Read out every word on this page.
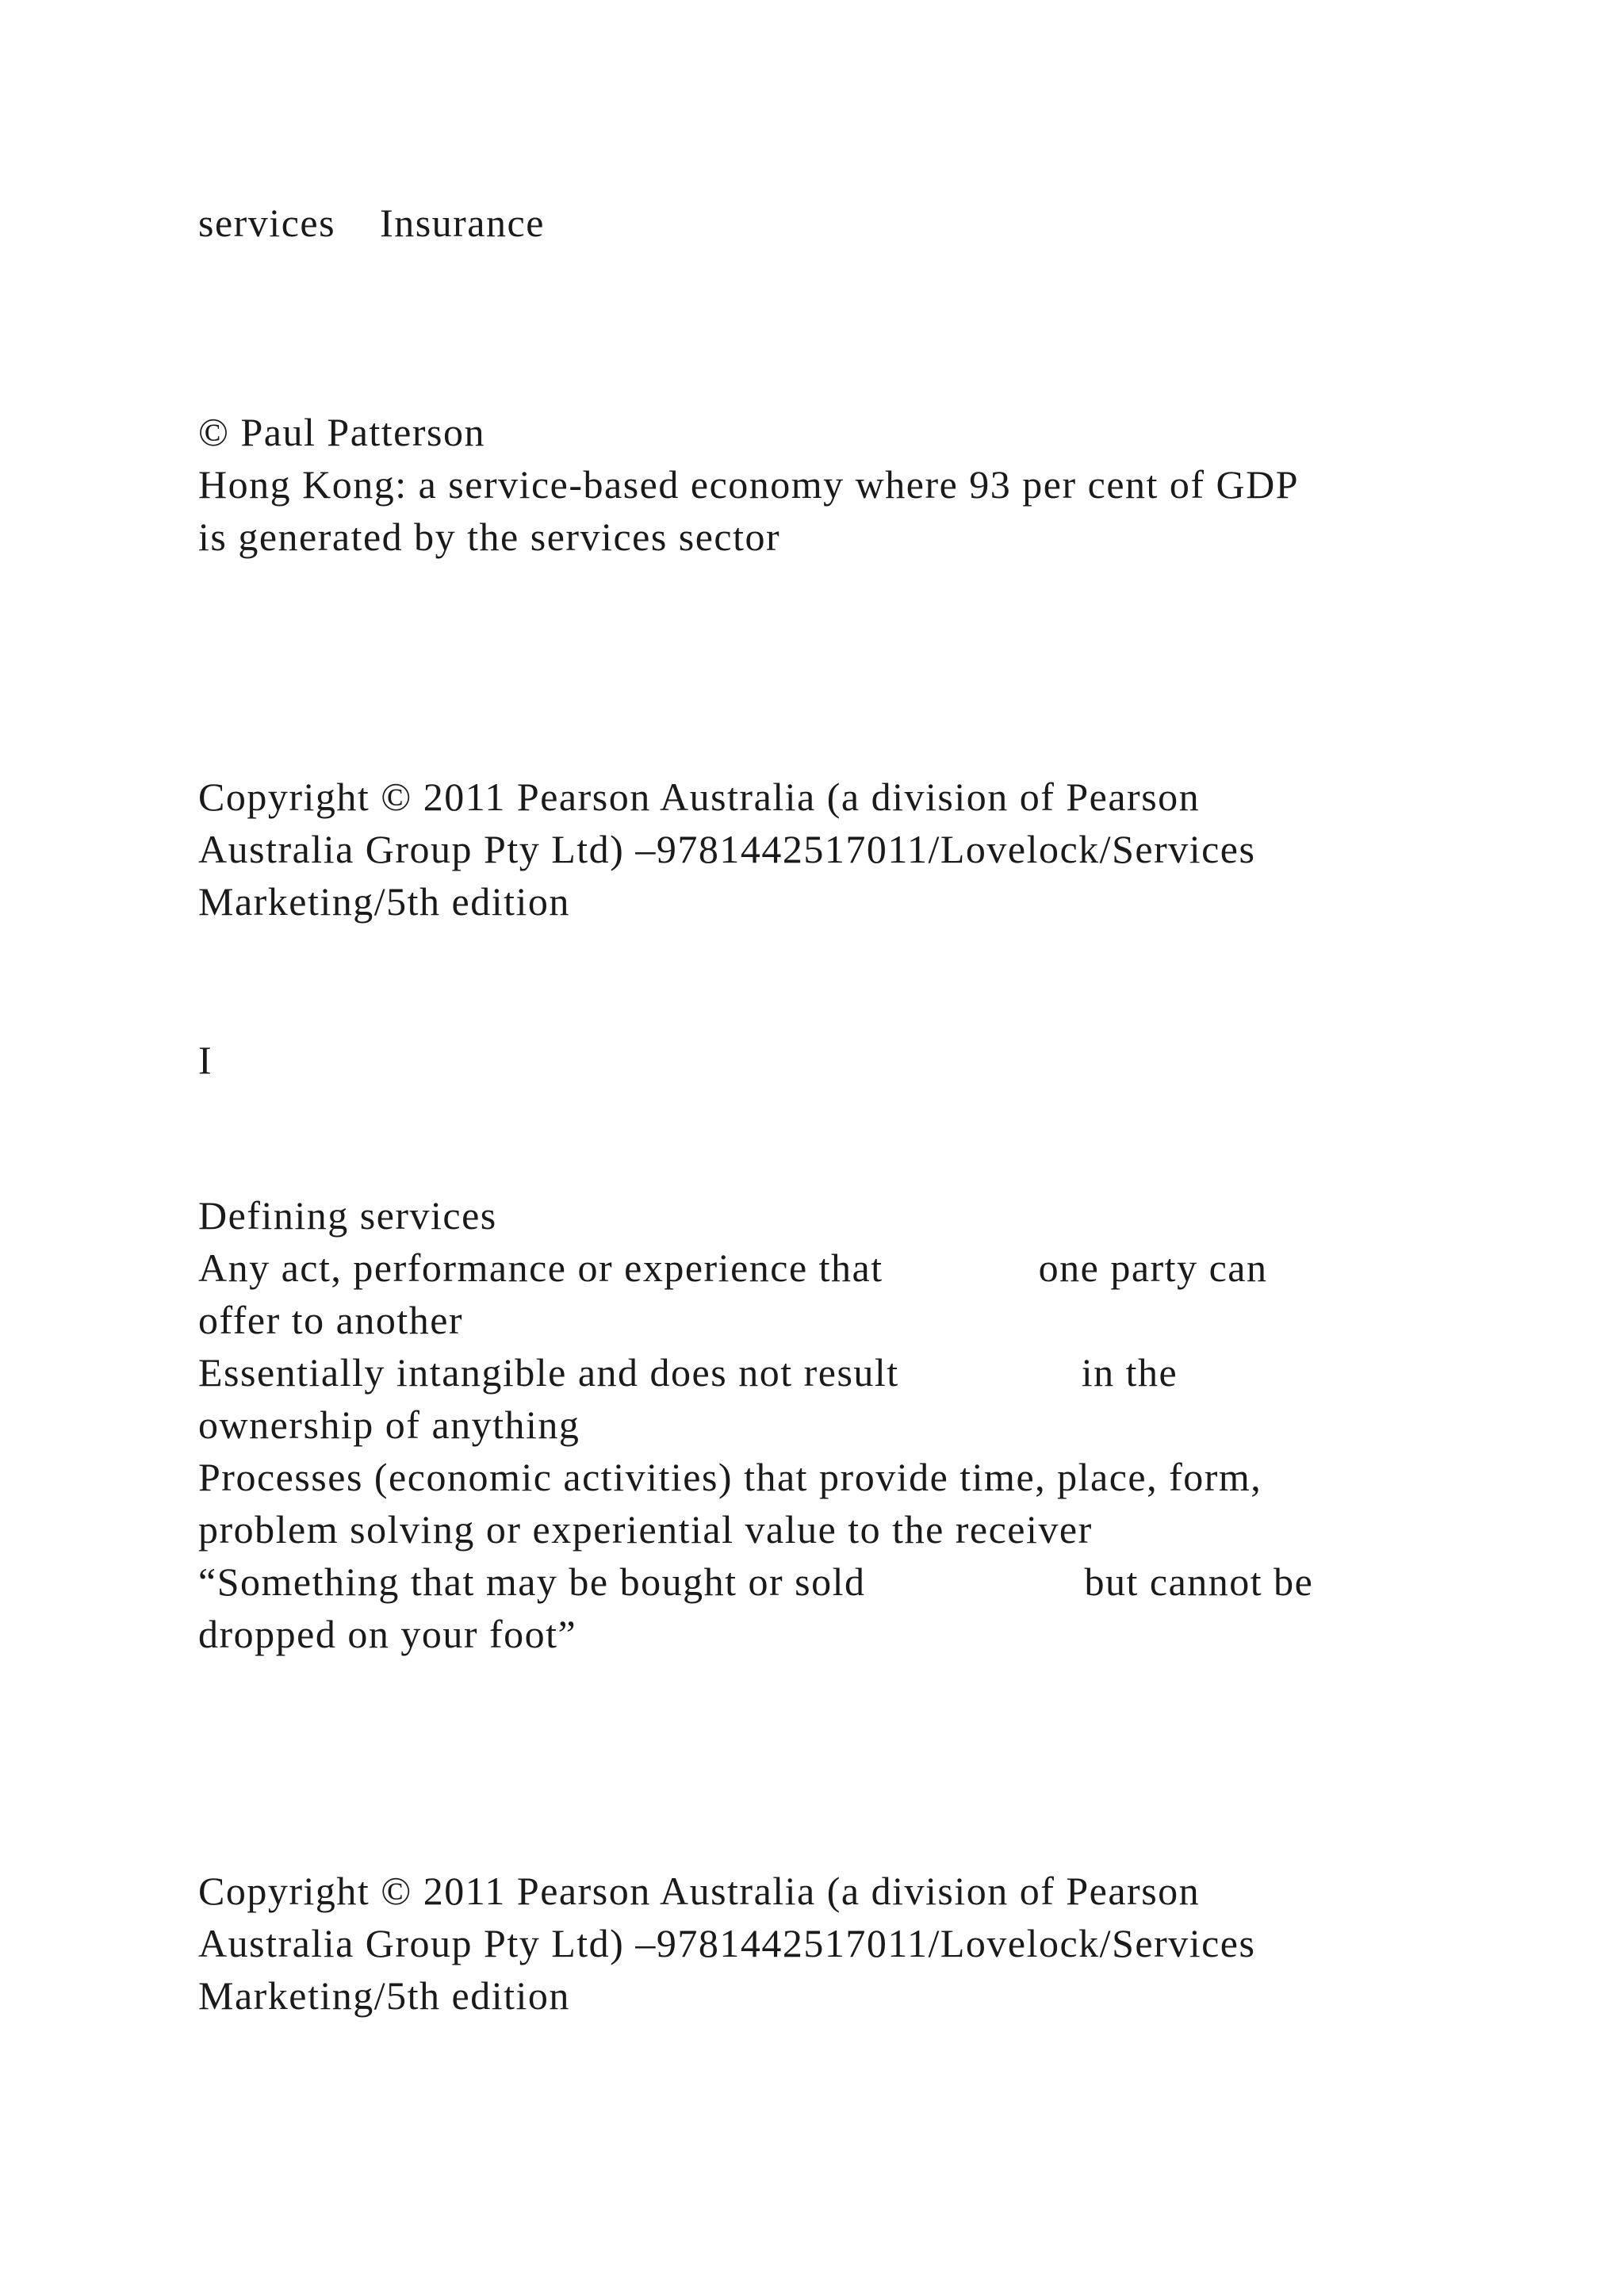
services Insurance

© Paul Patterson

Hong Kong: a service-based economy where 93 per cent of GDP

is generated by the services sector

Copyright © 2011 Pearson Australia (a division of Pearson

Australia Group Pty Ltd) –9781442517011/Lovelock/Services

Marketing/5th edition

I

Defining services

Any act, performance or experience that	one party can

offer to another

Essentially intangible and does not result	in the

ownership of anything

Processes (economic activities) that provide time, place, form,

problem solving or experiential value to the receiver

“Something that may be bought or sold	but cannot be

dropped on your foot”

Copyright © 2011 Pearson Australia (a division of Pearson

Australia Group Pty Ltd) –9781442517011/Lovelock/Services

Marketing/5th edition
